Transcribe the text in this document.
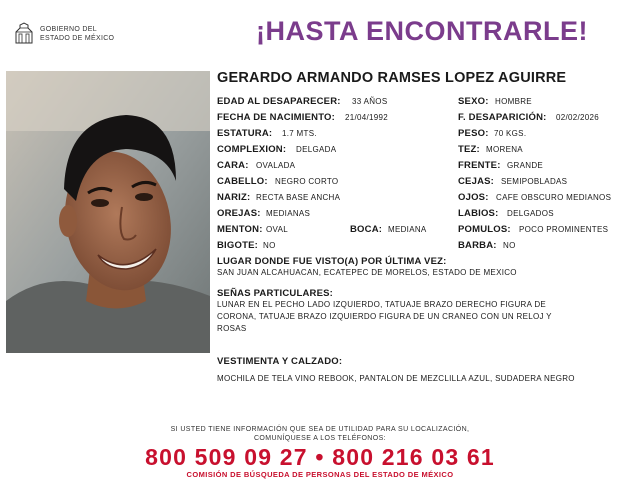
GOBIERNO DEL
ESTADO DE MÉXICO	¡HASTA ENCONTRARLE!
GERARDO ARMANDO RAMSES LOPEZ AGUIRRE
EDAD AL DESAPARECER: 33 AÑOS	SEXO: HOMBRE
FECHA DE NACIMIENTO: 21/04/1992	F. DESAPARICIÓN: 02/02/2026
ESTATURA: 1.7 MTS.	PESO: 70 KGS.
COMPLEXION: DELGADA	TEZ: MORENA
CARA: OVALADA	FRENTE: GRANDE
CABELLO: NEGRO CORTO	CEJAS: SEMIPOBLADAS
NARIZ: RECTA BASE ANCHA	OJOS: CAFE OBSCURO MEDIANOS
OREJAS: MEDIANAS	LABIOS: DELGADOS
MENTON: OVAL	BOCA: MEDIANA	POMULOS: POCO PROMINENTES
BIGOTE: NO	BARBA: NO
LUGAR DONDE FUE VISTO(A) POR ÚLTIMA VEZ:
SAN JUAN ALCAHUACAN, ECATEPEC DE MORELOS, ESTADO DE MEXICO
SEÑAS PARTICULARES:
LUNAR EN EL PECHO LADO IZQUIERDO, TATUAJE BRAZO DERECHO FIGURA DE
CORONA, TATUAJE BRAZO IZQUIERDO FIGURA DE UN CRANEO CON UN RELOJ Y
ROSAS
VESTIMENTA Y CALZADO:
MOCHILA DE TELA VINO REBOOK, PANTALON DE MEZCLILLA AZUL, SUDADERA NEGRO
SI USTED TIENE INFORMACIÓN QUE SEA DE UTILIDAD PARA SU LOCALIZACIÓN,
COMUNÍQUESE A LOS TELÉFONOS:
800 509 09 27 • 800 216 03 61
COMISIÓN DE BÚSQUEDA DE PERSONAS DEL ESTADO DE MÉXICO
